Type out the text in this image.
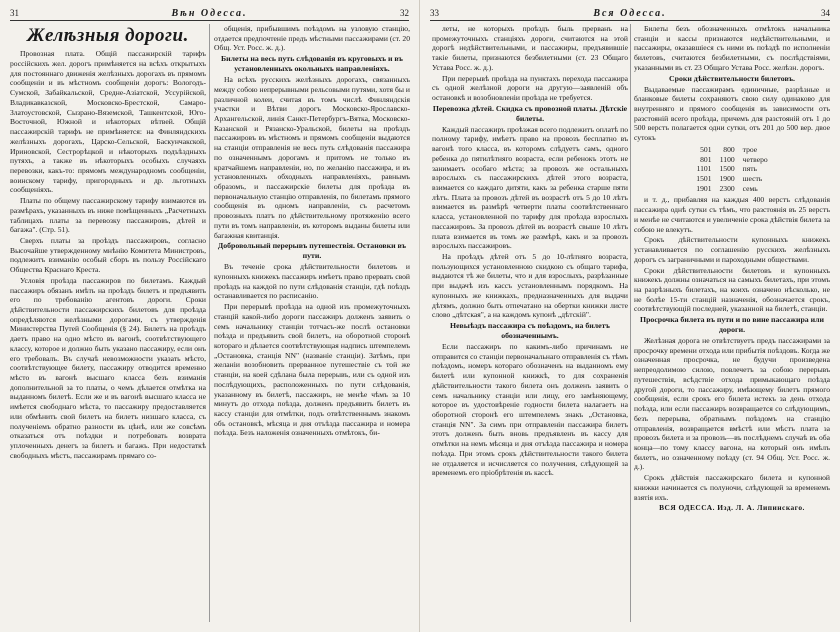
31	Вѣн Одесса.	32

Желѣзныя дороги.

Провозная плата. Общій пассажирскій тарифъ россійскихъ жел. дорогъ примѣняется на всѣхъ открытыхъ для постояннаго движенія желѣзныхъ дорогахъ въ прямомъ сообщеніи и въ мѣстномъ сообщеніи дорогъ: Вологодъ-Сумской, Забайкальской, Средне-Азіатской, Уссурійской, Владикавказской, Московско-Брестской, Самаро-Златоустовской, Сызрано-Вяземской, Ташкентской, Юго-Восточной, Южной и нѣкоторых вѣтвей. Общій пассажирскій тарифъ не примѣняется: на Финляндскихъ желѣзныхъ дорогахъ, Царско-Сельской, Баскунчакской, Ириновской, Сестрорѣцкой и нѣкоторыхъ подъѣздныхъ путяхъ, а также въ нѣкоторыхъ особыхъ случаяхъ перевозки, какъ-то: прямомъ международномъ сообщеніи, воинскому тарифу, пригородныхъ и др. льготныхъ сообщеніяхъ.

Платы по общему пассажирскому тарифу взимаются въ размѣрахъ, указанныхъ въ ниже помѣщенныхъ „Расчетныхъ таблицахъ платы за перевозку пассажировъ, дѣтей и багажа". (Стр. 51).

Сверхъ платы за проѣздъ пассажировъ, согласно Высочайше утвержденному мнѣнію Комитета Министровъ, подлежитъ взиманію особый сборъ въ пользу Россійскаго Общества Краснаго Креста.

Условія проѣзда пассажиров по билетамъ. Каждый пассажиръ обязанъ имѣть на проѣздъ билетъ и предъявить его по требованію агентовъ дороги. Сроки дѣйствительности пассажирскихъ билетовъ для проѣзда опредѣляются желѣзными дорогами, съ утвержденія Министерства Путей Сообщенія (§ 24). Билетъ на проѣздъ даетъ право на одно мѣсто въ вагонѣ, соотвѣтствующего классу, которое и должно быть указано пассажиру, если онъ его требовалъ. Въ случаѣ невозможности указать мѣсто, соотвѣтствующее билету, пассажиру отводится временно мѣсто въ вагонѣ высшаго класса безъ взиманія дополнительной за то платы, о чемъ дѣлается отмѣтка на выданномъ билетѣ. Если же и въ вагонѣ высшаго класса не имѣется свободнаго мѣста, то пассажиру предоставляется или обмѣнить свой билетъ на билетъ низшаго класса, съ полученіемъ обратно разности въ цѣнѣ, или же совсѣмъ отказаться отъ поѣздки и потребовать возврата уплоченныхъ денегъ за билетъ и багажъ. При недостаткѣ свободныхъ мѣстъ, пассажирамъ прямаго со-

общенія, прибывшимъ поѣздомъ на узловую станцію, отдается предпочтеніе предъ мѣстными пассажирами (ст. 20 Общ. Уст. Росс. ж. д.).

Билеты на весь путь слѣдованія въ круговыхъ и въ установленныхъ окольныхъ направленіяхъ.

На всѣхъ русскихъ желѣзныхъ дорогахъ, связанныхъ между собою непрерывными рельсовыми путями, хотя бы и различной колеи, считая въ томъ числѣ Финляндскія участки и Вѣтви дорогъ Московско-Ярославско-Архангельской, линія Санкт-Петербургъ-Вятка, Московско-Казанской и Рязанско-Уральской, билеты на проѣздъ пассажировъ въ мѣстномъ и прямомъ сообщеніи выдаются на станціи отправленія не весь путь слѣдованія пассажира по означеннымъ дорогамъ и притомъ не только въ кратчайшемъ направленіи, но, по желанію пассажира, и въ установленныхъ обходныхъ направленіяхъ, равнымъ образомъ, и пассажирскіе билеты для проѣзда въ первоначальную станцію отправленія, по билетамъ прямого сообщенія въ одномъ направленіи, съ расчетомъ провозныхъ платъ по дѣйствительному протяженію всего пути въ томъ направленіи, въ которомъ выданы билеты или багажная квитанція.

Добровольный перерывъ путешествія. Остановки въ пути.

Въ теченіе срока дѣйствительности билетовъ и купонныхъ книжекъ пассажиръ имѣетъ право прервать свой проѣздъ на каждой по пути слѣдованія станціи, гдѣ поѣздъ останавливается по расписанію.

При перерывѣ проѣзда на одной изъ промежуточныхъ станцій какой-либо дороги пассажиръ долженъ заявить о семъ начальнику станціи тотчасъ-же послѣ остановки поѣзда и предъявить свой билетъ, на оборотной сторонѣ котораго и дѣлается соотвѣтствующая надпись штемпелемъ „Остановка, станція NN" (названіе станціи). Затѣмъ, при желаніи возобновить прерванное путешествіе съ той же станціи, на коей сдѣлана была перерывъ, или съ одной изъ послѣдующихъ, расположенныхъ по пути слѣдованія, указанному въ билетѣ, пассажиръ, не менѣе чѣмъ за 10 минутъ до отхода поѣзда, долженъ предъявить билетъ въ кассу станціи для отмѣтки, подъ отвѣтственнымъ знакомъ объ остановкѣ, мѣсяца и дня отъѣзда пассажира и номера поѣзда. Безъ наложенія означенныхъ отмѣтокъ, би-

33	Вся Одесса.	34

леты, не которыхъ проѣздъ быль прерванъ на промежуточныхъ станціяхъ дороги, считаются на этой дорогѣ недѣйствительными, и пассажиры, предъявившіе такіе билеты, признаются безбилетными (ст. 23 Общаго Устава Росс. ж. д.).

При перерывѣ проѣзда на пунктахъ перехода пассажира съ одной желѣзной дороги на другую—заявленій объ остановкѣ и возобновленіи проѣзда не требуется.

Перевозка дѣтей. Скидка съ провозной платы. Дѣтскіе билеты.

Каждый пассажиръ проѣзжая всего подлежитъ оплатѣ по полному тарифу, имѣетъ право на провозъ бесплатно въ вагонѣ того класса, въ которомъ слѣдуетъ самъ, одного ребенка до пятилѣтняго возраста, если ребенокъ этотъ не занимаетъ особаго мѣста; за провозъ же остальныхъ взрослыхъ съ пассажирскихъ дѣтей этого возраста, взимается со каждаго дитяти, какъ за ребенка старше пяти лѣтъ. Плата за провозъ дѣтей въ возрастѣ отъ 5 до 10 лѣтъ взимается въ размѣрѣ четверти платы соотвѣтственнаго класса, установленной по тарифу для проѣзда взрослыхъ пассажировъ. За провозъ дѣтей въ возрастѣ свыше 10 лѣтъ плата взимается въ томъ же размѣрѣ, какъ и за провозъ взрослыхъ пассажировъ.

На проѣздъ дѣтей отъ 5 до 10-лѣтняго возраста, пользующихся установленною скидкою съ общаго тарифа, выдаются тѣ же билеты, что и для взрослыхъ, разрѣзанные при выдачѣ изъ кассъ установленнымъ порядкомъ. На купонныхъ же книжкахъ, предназначенныхъ для выдачи дѣтямъ, должно быть отпечатано на обертки книжки листе слово „дѣтская", а на каждомъ купонѣ „дѣтскій".

Невыѣздъ пассажира съ поѣздомъ, на билетъ обозначеннымъ.

Если пассажиръ по какимъ-либо причинамъ не отправится со станціи первоначальнаго отправленія съ тѣмъ поѣздомъ, номеръ котораго обозначенъ на выданномъ ему билетѣ или купонной книжкѣ, то для сохраненія дѣйствительности такого билета онъ долженъ заявить о семъ начальнику станціи или лицу, его замѣняющему, которое въ удостовѣреніе годности билета налагаетъ на оборотной сторонѣ его штемпелемъ знакъ „Остановка, станція NN". За симъ при отправленіи пассажира билетъ этотъ долженъ быть вновь предъявленъ въ кассу для отмѣтки на немъ мѣсяца и дня отъѣзда пассажира и номера поѣзда. При этомъ срокъ дѣйствительности такого билета не отдаляется и исчисляется со получения, слѣдующей за временемъ его пріобрѣтенія въ кассѣ.

Билеты безъ обозначенныхъ отмѣтокъ начальника станціи и кассы признаются недѣйствительными, и пассажиры, оказавшіеся съ ними въ поѣздѣ по исполненіи билетовъ, считаются безбилетными, съ послѣдствіями, указанными въ ст. 23 Общаго Устава Росс. желѣзн. дорогъ.

Сроки дѣйствительности билетовъ.

Выдаваемые пассажирамъ единичные, разрѣзные и бланковые билеты сохраняютъ свою силу одинаково для внутренняго и прямого сообщенія въ зависимости отъ разстояній всего проѣзда, причемъ для разстояній отъ 1 до 500 верстъ полагается одни сутки, отъ 201 до 500 вер. двое сутокъ

501	800	трое
801	1100	четверо
1101	1500	пять
1501	1900	шесть
1901	2300	семь

и т. д., прибавляя на каждыя 400 верстъ слѣдованія пассажира однѣ сутки съ тѣмъ, что разстоянія въ 25 верстъ и менѣе не считаются и увеличеніе срока дѣйствія билета за собою не влекутъ.

Срокъ дѣйствительности купонныхъ книжекъ устанавливается по соглашенію русскихъ желѣзныхъ дорогъ съ заграничными и пароходными обществами.

Сроки дѣйствительности билетовъ и купонныхъ книжекъ должны означаться на самыхъ билетахъ, при этомъ на разрѣзныхъ билетахъ, на коихъ означено нѣсколько, не не болѣе 15-ти станцій назначенія, обозначается срокъ, соотвѣтствующій последней, указанной на билетѣ, станціи.

Просрочка билета въ пути и по вине пассажира или дороги.

Желѣзная дорога не отвѣтствуетъ предъ пассажирами за просрочку времени отхода или прибытія поѣздовъ. Когда же означенная просрочка, не будучи произведена непреодолимою силою, повлечетъ за собою перерывъ путешествія, всѣдствіе отхода примыкающаго поѣзда другой дороги, то пассажиру, имѣющему билетъ прямого сообщенія, если срокъ его билета истекъ за день отхода поѣзда, или если пассажиръ возвращается со слѣдующимъ, безъ перерыва, обратнымъ поѣздомъ на станцію отправленія, возвращается вмѣстѣ или мѣстъ плата за провозъ билета и за провозъ—въ послѣднемъ случаѣ въ оба конца—по тому классу вагона, на который онъ имѣлъ билетъ, но означенному поѣзду (ст. 94 Общ. Уст. Росс. ж. д.).

Срокъ дѣйствія пассажирскаго билета и купонной книжки начинается съ полуночи, слѣдующей за временемъ взятія ихъ.

ВСЯ ОДЕССА. Изд. Л. А. Липинскаго.
